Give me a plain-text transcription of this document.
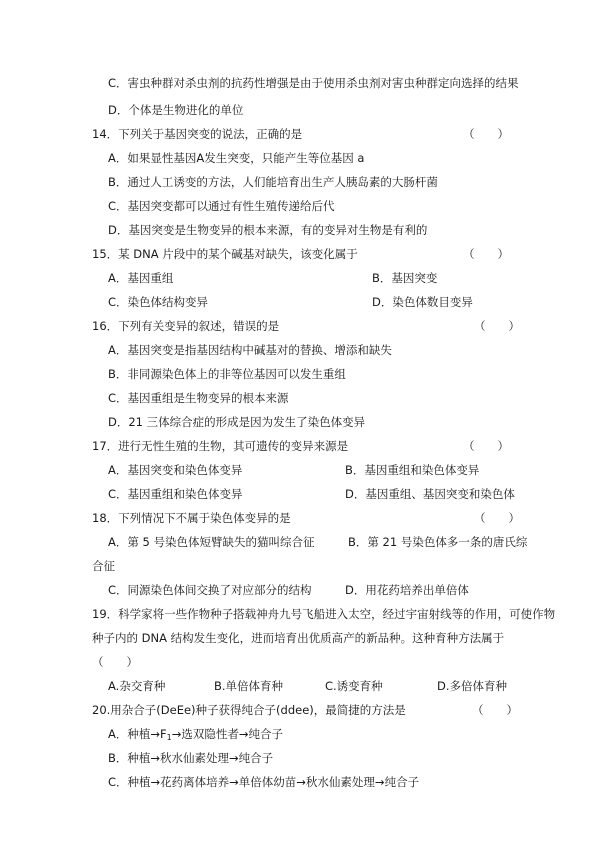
C．害虫种群对杀虫剂的抗药性增强是由于使用杀虫剂对害虫种群定向选择的结果
D．个体是生物进化的单位
14．下列关于基因突变的说法，正确的是	（　　）
A．如果显性基因A发生突变，只能产生等位基因 a
B．通过人工诱变的方法，人们能培育出生产人胰岛素的大肠杆菌
C．基因突变都可以通过有性生殖传递给后代
D．基因突变是生物变异的根本来源，有的变异对生物是有利的
15．某 DNA 片段中的某个碱基对缺失，该变化属于	（　　）
A．基因重组	B．基因突变
C．染色体结构变异	D．染色体数目变异
16．下列有关变异的叙述，错误的是	（　　）
A．基因突变是指基因结构中碱基对的替换、增添和缺失
B．非同源染色体上的非等位基因可以发生重组
C．基因重组是生物变异的根本来源
D．21 三体综合症的形成是因为发生了染色体变异
17．进行无性生殖的生物，其可遗传的变异来源是	（　　）
A．基因突变和染色体变异	B．基因重组和染色体变异
C．基因重组和染色体变异	D．基因重组、基因突变和染色体
18．下列情况下不属于染色体变异的是	（　　）
A．第 5 号染色体短臂缺失的猫叫综合征	B．第 21 号染色体多一条的唐氏综
合征
C．同源染色体间交换了对应部分的结构	D．用花药培养出单倍体
19．科学家将一些作物种子搭载神舟九号飞船进入太空，经过宇宙射线等的作用，可使作物
种子内的 DNA 结构发生变化，进而培育出优质高产的新品种。这种育种方法属于
（　　）
A.杂交育种	B.单倍体育种	C.诱变育种	D.多倍体育种
20.用杂合子(DeEe)种子获得纯合子(ddee)，最简捷的方法是	（　　）
A．种植$\to F_1\to$选双隐性者→纯合子
B．种植→秋水仙素处理→纯合子
C．种植→花药离体培养→单倍体幼苗→秋水仙素处理→纯合子
